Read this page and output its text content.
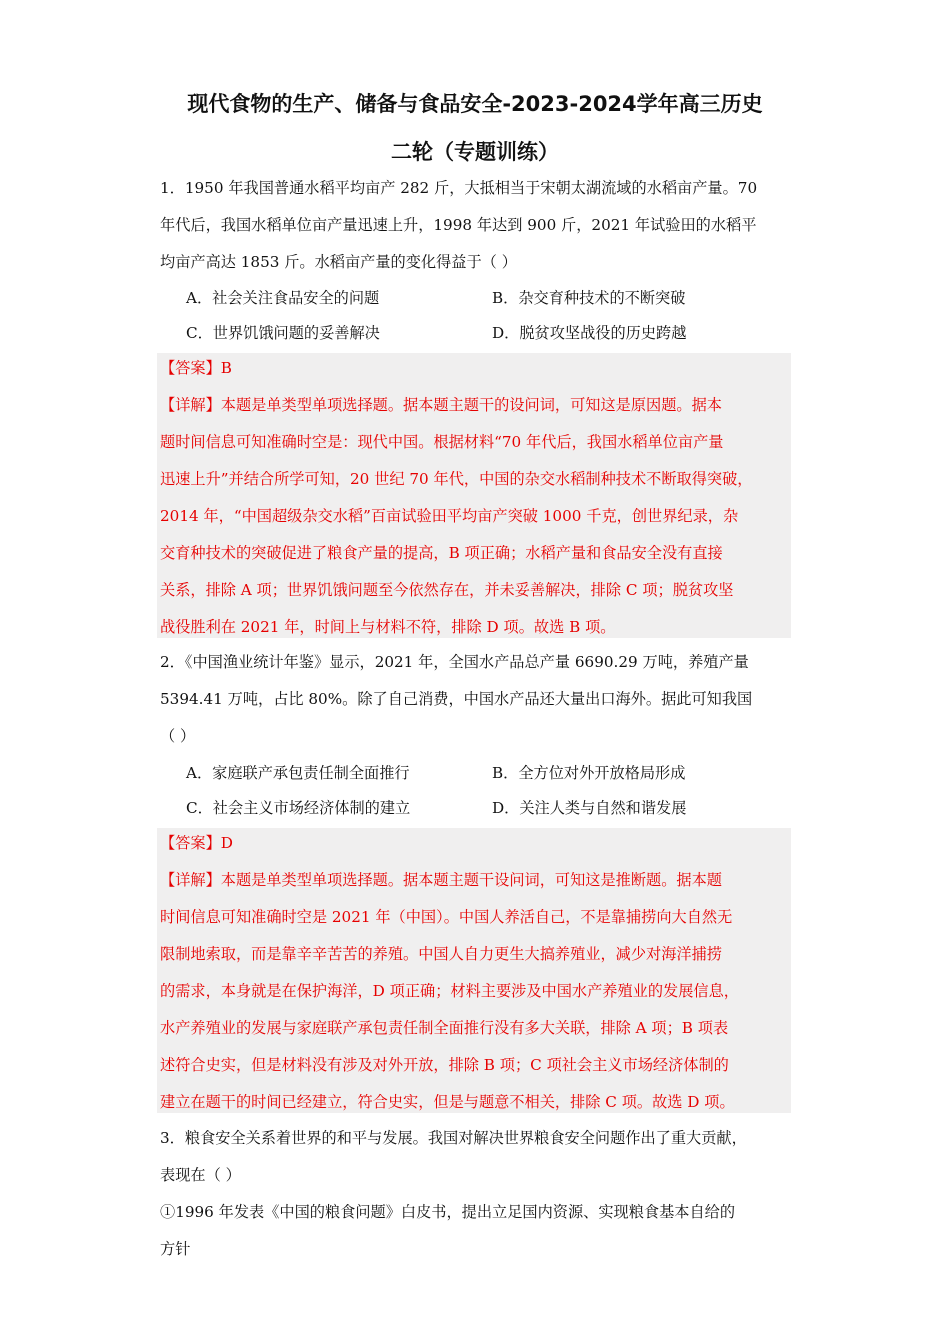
现代食物的生产、储备与食品安全-2023-2024学年高三历史
二轮（专题训练）
1．1950 年我国普通水稻平均亩产 282 斤，大抵相当于宋朝太湖流域的水稻亩产量。70
年代后，我国水稻单位亩产量迅速上升，1998 年达到 900 斤，2021 年试验田的水稻平
均亩产高达 1853 斤。水稻亩产量的变化得益于（ ）
A．社会关注食品安全的问题	B．杂交育种技术的不断突破
C．世界饥饿问题的妥善解决	D．脱贫攻坚战役的历史跨越
【答案】B
【详解】本题是单类型单项选择题。据本题主题干的设问词，可知这是原因题。据本
题时间信息可知准确时空是：现代中国。根据材料“70 年代后，我国水稻单位亩产量
迅速上升”并结合所学可知，20 世纪 70 年代，中国的杂交水稻制种技术不断取得突破，
2014 年，“中国超级杂交水稻”百亩试验田平均亩产突破 1000 千克，创世界纪录，杂
交育种技术的突破促进了粮食产量的提高，B 项正确；水稻产量和食品安全没有直接
关系，排除 A 项；世界饥饿问题至今依然存在，并未妥善解决，排除 C 项；脱贫攻坚
战役胜利在 2021 年，时间上与材料不符，排除 D 项。故选 B 项。
2．《中国渔业统计年鉴》显示，2021 年，全国水产品总产量 6690.29 万吨，养殖产量
5394.41 万吨，占比 80%。除了自己消费，中国水产品还大量出口海外。据此可知我国
（ ）
A．家庭联产承包责任制全面推行	B．全方位对外开放格局形成
C．社会主义市场经济体制的建立	D．关注人类与自然和谐发展
【答案】D
【详解】本题是单类型单项选择题。据本题主题干设问词，可知这是推断题。据本题
时间信息可知准确时空是 2021 年（中国）。中国人养活自己，不是靠捕捞向大自然无
限制地索取，而是靠辛辛苦苦的养殖。中国人自力更生大搞养殖业，减少对海洋捕捞
的需求，本身就是在保护海洋，D 项正确；材料主要涉及中国水产养殖业的发展信息，
水产养殖业的发展与家庭联产承包责任制全面推行没有多大关联，排除 A 项；B 项表
述符合史实，但是材料没有涉及对外开放，排除 B 项；C 项社会主义市场经济体制的
建立在题干的时间已经建立，符合史实，但是与题意不相关，排除 C 项。故选 D 项。
3．粮食安全关系着世界的和平与发展。我国对解决世界粮食安全问题作出了重大贡献，
表现在（ ）
①1996 年发表《中国的粮食问题》白皮书，提出立足国内资源、实现粮食基本自给的
方针
